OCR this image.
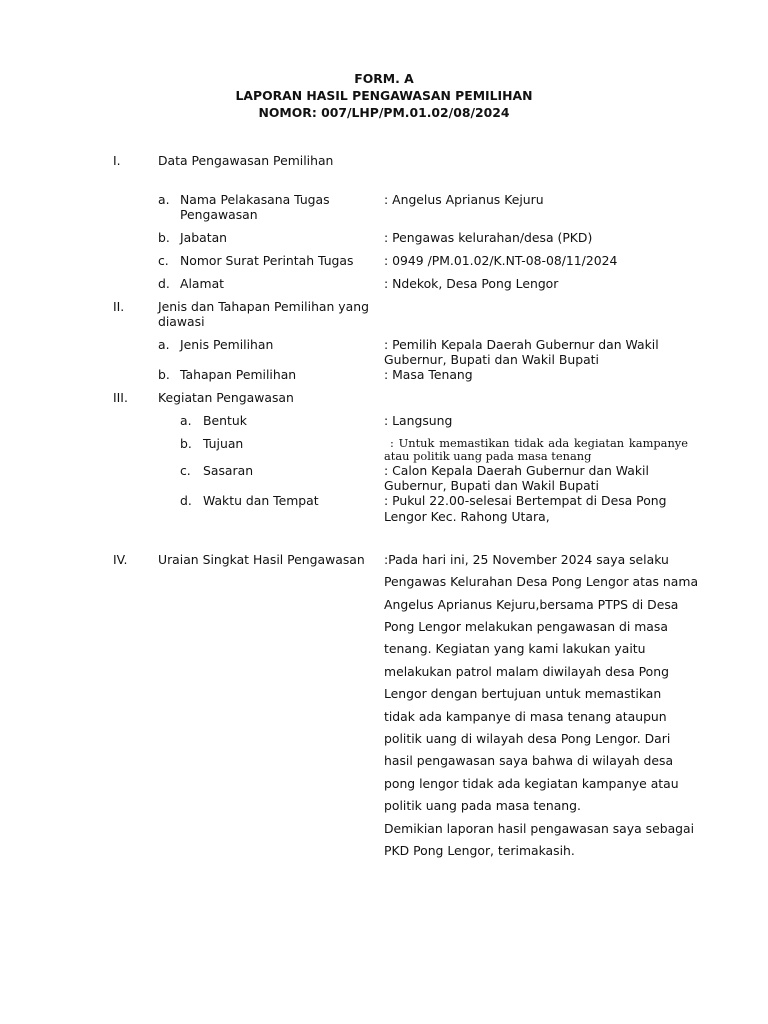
FORM. A
LAPORAN HASIL PENGAWASAN PEMILIHAN
NOMOR: 007/LHP/PM.01.02/08/2024
I.	Data Pengawasan Pemilihan
a. Nama Pelakasana Tugas
Pengawasan
: Angelus Aprianus Kejuru
b. Jabatan	: Pengawas kelurahan/desa (PKD)
c. Nomor Surat Perintah Tugas : 0949 /PM.01.02/K.NT-08-08/11/2024
d. Alamat	: Ndekok, Desa Pong Lengor
II.	Jenis dan Tahapan Pemilihan yang
diawasi
a. Jenis Pemilihan	: Pemilih Kepala Daerah Gubernur dan Wakil
Gubernur, Bupati dan Wakil Bupati
b. Tahapan Pemilihan	: Masa Tenang
III. Kegiatan Pengawasan
a. Bentuk	: Langsung
b. Tujuan	: Untuk memastikan tidak ada kegiatan kampanye
atau politik uang pada masa tenang
c. Sasaran	: Calon Kepala Daerah Gubernur dan Wakil
Gubernur, Bupati dan Wakil Bupati
d. Waktu dan Tempat	: Pukul 22.00-selesai Bertempat di Desa Pong
Lengor Kec. Rahong Utara,
IV. Uraian Singkat Hasil Pengawasan :Pada hari ini, 25 November 2024 saya selaku
Pengawas Kelurahan Desa Pong Lengor atas nama
Angelus Aprianus Kejuru,bersama PTPS di Desa
Pong Lengor melakukan pengawasan di masa
tenang. Kegiatan yang kami lakukan yaitu
melakukan patrol malam diwilayah desa Pong
Lengor dengan bertujuan untuk memastikan
tidak ada kampanye di masa tenang ataupun
politik uang di wilayah desa Pong Lengor. Dari
hasil pengawasan saya bahwa di wilayah desa
pong lengor tidak ada kegiatan kampanye atau
politik uang pada masa tenang.
Demikian laporan hasil pengawasan saya sebagai
PKD Pong Lengor, terimakasih.
